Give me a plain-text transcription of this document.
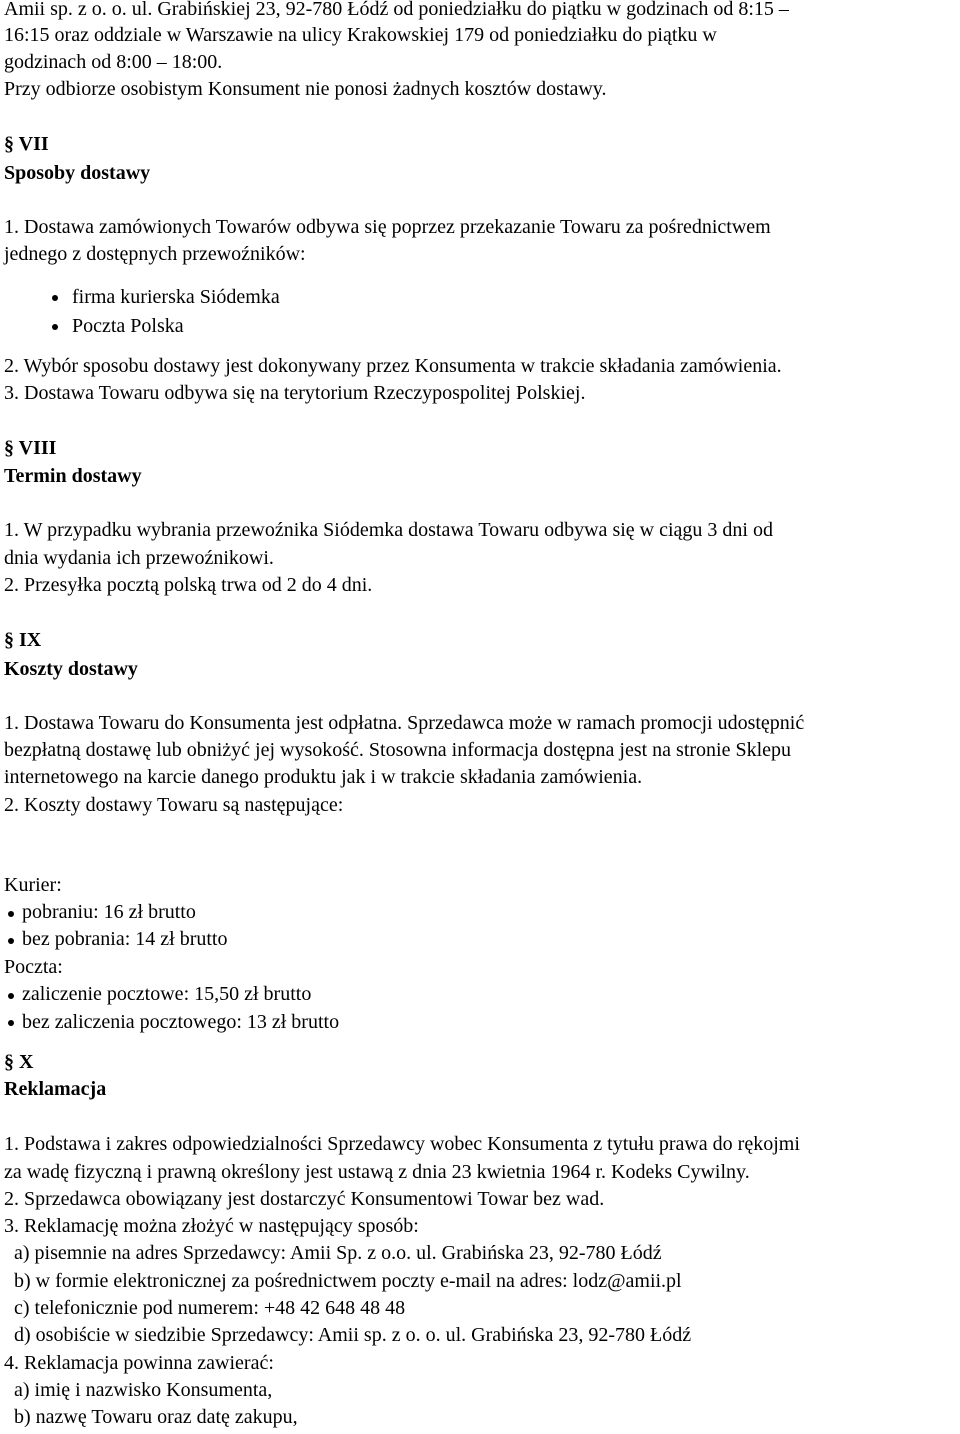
Amii sp. z o. o. ul. Grabińskiej 23, 92-780 Łódź od poniedziałku do piątku w godzinach od 8:15 –

16:15 oraz oddziale w Warszawie na ulicy Krakowskiej 179 od poniedziałku do piątku w

godzinach od 8:00 – 18:00.

Przy odbiorze osobistym Konsument nie ponosi żadnych kosztów dostawy.

§ VII

Sposoby dostawy

1. Dostawa zamówionych Towarów odbywa się poprzez przekazanie Towaru za pośrednictwem

jednego z dostępnych przewoźników:

firma kurierska Siódemka

Poczta Polska

2. Wybór sposobu dostawy jest dokonywany przez Konsumenta w trakcie składania zamówienia.

3. Dostawa Towaru odbywa się na terytorium Rzeczypospolitej Polskiej.

§ VIII

Termin dostawy

1. W przypadku wybrania przewoźnika Siódemka dostawa Towaru odbywa się w ciągu 3 dni od

dnia wydania ich przewoźnikowi.

2. Przesyłka pocztą polską trwa od 2 do 4 dni.

§ IX

Koszty dostawy

1. Dostawa Towaru do Konsumenta jest odpłatna. Sprzedawca może w ramach promocji udostępnić

bezpłatną dostawę lub obniżyć jej wysokość. Stosowna informacja dostępna jest na stronie Sklepu

internetowego na karcie danego produktu jak i w trakcie składania zamówienia.

2. Koszty dostawy Towaru są następujące:

Kurier:

pobraniu: 16 zł brutto

bez pobrania: 14 zł brutto

Poczta:

zaliczenie pocztowe: 15,50 zł brutto

bez zaliczenia pocztowego: 13 zł brutto

§ X

Reklamacja

1. Podstawa i zakres odpowiedzialności Sprzedawcy wobec Konsumenta z tytułu prawa do rękojmi

za wadę fizyczną i prawną określony jest ustawą z dnia 23 kwietnia 1964 r. Kodeks Cywilny.

2. Sprzedawca obowiązany jest dostarczyć Konsumentowi Towar bez wad.

3. Reklamację można złożyć w następujący sposób:

a) pisemnie na adres Sprzedawcy: Amii Sp. z o.o. ul. Grabińska 23, 92-780 Łódź

b) w formie elektronicznej za pośrednictwem poczty e-mail na adres: lodz@amii.pl

c) telefonicznie pod numerem: +48 42 648 48 48

d) osobiście w siedzibie Sprzedawcy: Amii sp. z o. o. ul. Grabińska 23, 92-780 Łódź

4. Reklamacja powinna zawierać:

a) imię i nazwisko Konsumenta,

b) nazwę Towaru oraz datę zakupu,
